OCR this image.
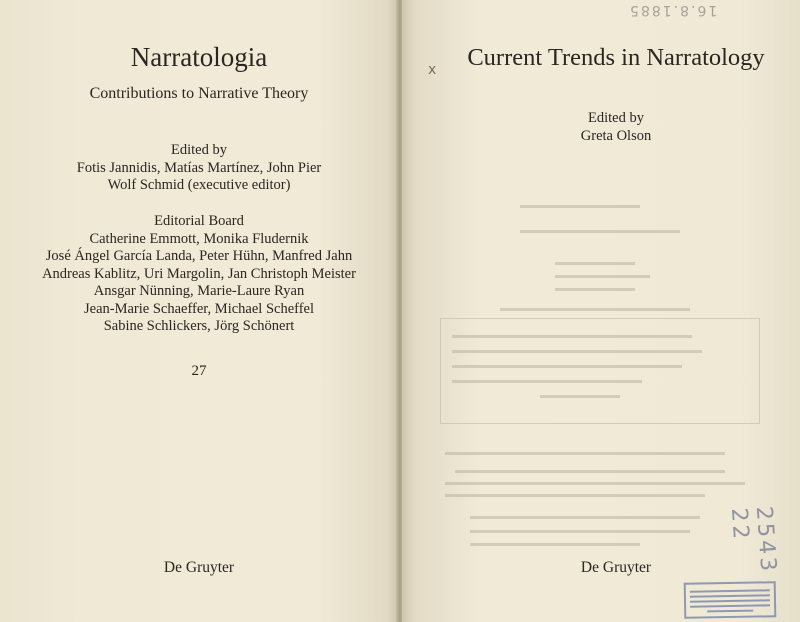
Narratologia
Contributions to Narrative Theory
Edited by
Fotis Jannidis, Matías Martínez, John Pier
Wolf Schmid (executive editor)
Editorial Board
Catherine Emmott, Monika Fludernik
José Ángel García Landa, Peter Hühn, Manfred Jahn
Andreas Kablitz, Uri Margolin, Jan Christoph Meister
Ansgar Nünning, Marie-Laure Ryan
Jean-Marie Schaeffer, Michael Scheffel
Sabine Schlickers, Jörg Schönert
27
De Gruyter
Current Trends in Narratology
Edited by
Greta Olson
De Gruyter
16.8.1885
x
2543 22
